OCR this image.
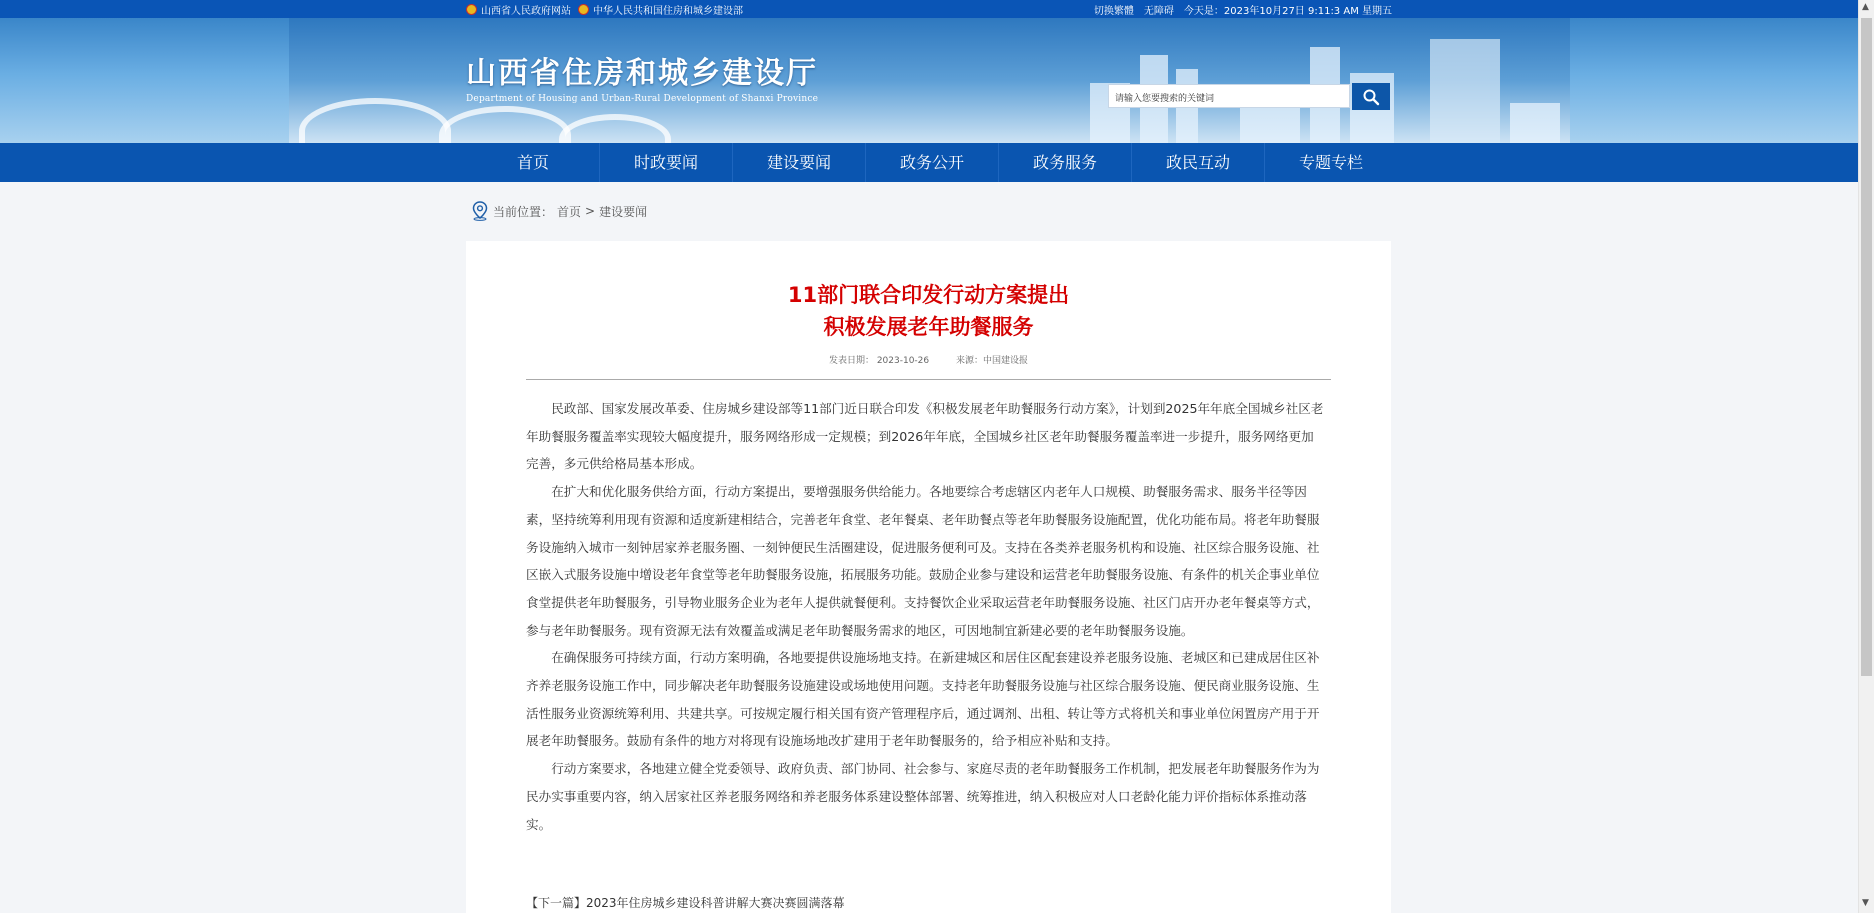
山西省人民政府网站 中华人民共和国住房和城乡建设部	切换繁體 无障碍 今天是：2023年10月27日 9:11:3 AM 星期五
山西省住房和城乡建设厅
Department of Housing and Urban-Rural Development of Shanxi Province	请输入您要搜索的关键词
首页	时政要闻	建设要闻	政务公开	政务服务	政民互动	专题专栏
当前位置： 首页 > 建设要闻
11部门联合印发行动方案提出
积极发展老年助餐服务
发表日期： 2023-10-26	来源：中国建设报

民政部、国家发展改革委、住房城乡建设部等11部门近日联合印发《积极发展老年助餐服务行动方案》，计划到2025年年底全国城乡社区老年助餐服务覆盖率实现较大幅度提升，服务网络形成一定规模；到2026年年底，全国城乡社区老年助餐服务覆盖率进一步提升，服务网络更加完善，多元供给格局基本形成。

在扩大和优化服务供给方面，行动方案提出，要增强服务供给能力。各地要综合考虑辖区内老年人口规模、助餐服务需求、服务半径等因素，坚持统筹利用现有资源和适度新建相结合，完善老年食堂、老年餐桌、老年助餐点等老年助餐服务设施配置，优化功能布局。将老年助餐服务设施纳入城市一刻钟居家养老服务圈、一刻钟便民生活圈建设，促进服务便利可及。支持在各类养老服务机构和设施、社区综合服务设施、社区嵌入式服务设施中增设老年食堂等老年助餐服务设施，拓展服务功能。鼓励企业参与建设和运营老年助餐服务设施、有条件的机关企事业单位食堂提供老年助餐服务，引导物业服务企业为老年人提供就餐便利。支持餐饮企业采取运营老年助餐服务设施、社区门店开办老年餐桌等方式，参与老年助餐服务。现有资源无法有效覆盖或满足老年助餐服务需求的地区，可因地制宜新建必要的老年助餐服务设施。

在确保服务可持续方面，行动方案明确，各地要提供设施场地支持。在新建城区和居住区配套建设养老服务设施、老城区和已建成居住区补齐养老服务设施工作中，同步解决老年助餐服务设施建设或场地使用问题。支持老年助餐服务设施与社区综合服务设施、便民商业服务设施、生活性服务业资源统筹利用、共建共享。可按规定履行相关国有资产管理程序后，通过调剂、出租、转让等方式将机关和事业单位闲置房产用于开展老年助餐服务。鼓励有条件的地方对将现有设施场地改扩建用于老年助餐服务的，给予相应补贴和支持。

行动方案要求，各地建立健全党委领导、政府负责、部门协同、社会参与、家庭尽责的老年助餐服务工作机制，把发展老年助餐服务作为为民办实事重要内容，纳入居家社区养老服务网络和养老服务体系建设整体部署、统筹推进，纳入积极应对人口老龄化能力评价指标体系推动落实。

【下一篇】2023年住房城乡建设科普讲解大赛决赛圆满落幕
▲
▼
